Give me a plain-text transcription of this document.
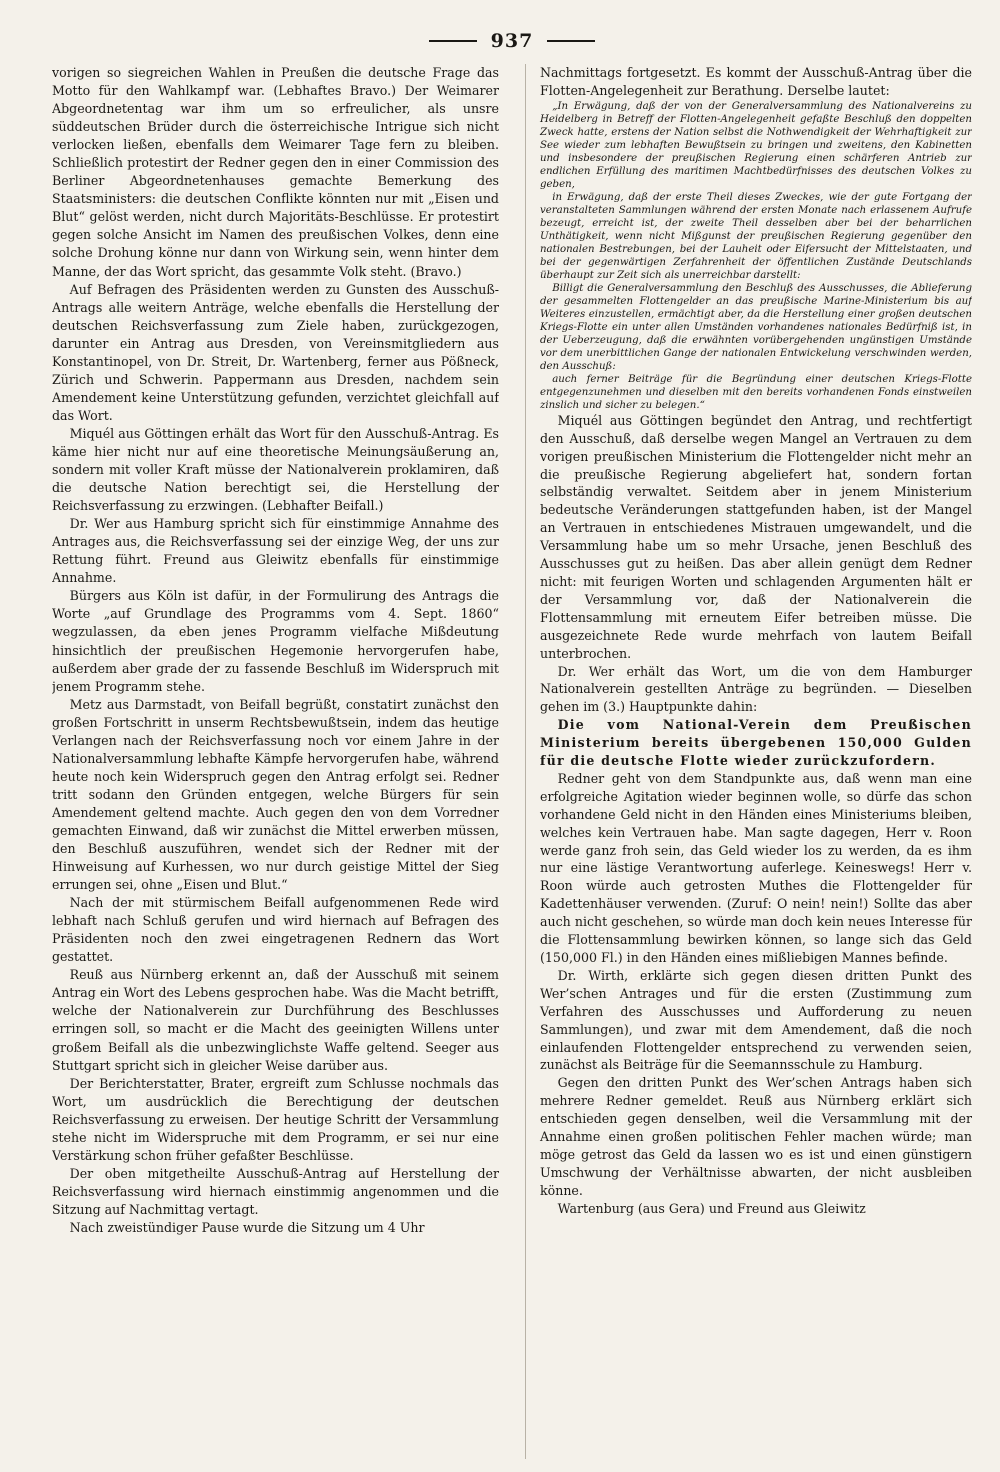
937

vorigen so siegreichen Wahlen in Preußen die deutsche Frage das Motto für den Wahlkampf war. (Lebhaftes Bravo.) Der Weimarer Abgeordnetentag war ihm um so erfreulicher, als unsre süddeutschen Brüder durch die österreichische Intrigue sich nicht verlocken ließen, ebenfalls dem Weimarer Tage fern zu bleiben. Schließlich protestirt der Redner gegen den in einer Commission des Berliner Abgeordnetenhauses gemachte Bemerkung des Staatsministers: die deutschen Conflikte könnten nur mit „Eisen und Blut“ gelöst werden, nicht durch Majoritäts-Beschlüsse. Er protestirt gegen solche Ansicht im Namen des preußischen Volkes, denn eine solche Drohung könne nur dann von Wirkung sein, wenn hinter dem Manne, der das Wort spricht, das gesammte Volk steht. (Bravo.)

Auf Befragen des Präsidenten werden zu Gunsten des Ausschuß-Antrags alle weitern Anträge, welche ebenfalls die Herstellung der deutschen Reichsverfassung zum Ziele haben, zurückgezogen, darunter ein Antrag aus Dresden, von Vereinsmitgliedern aus Konstantinopel, von Dr. Streit, Dr. Wartenberg, ferner aus Pößneck, Zürich und Schwerin. Pappermann aus Dresden, nachdem sein Amendement keine Unterstützung gefunden, verzichtet gleichfall auf das Wort.

Miquél aus Göttingen erhält das Wort für den Ausschuß-Antrag. Es käme hier nicht nur auf eine theoretische Meinungsäußerung an, sondern mit voller Kraft müsse der Nationalverein proklamiren, daß die deutsche Nation berechtigt sei, die Herstellung der Reichsverfassung zu erzwingen. (Lebhafter Beifall.)

Dr. Wer aus Hamburg spricht sich für einstimmige Annahme des Antrages aus, die Reichsverfassung sei der einzige Weg, der uns zur Rettung führt. Freund aus Gleiwitz ebenfalls für einstimmige Annahme.

Bürgers aus Köln ist dafür, in der Formulirung des Antrags die Worte „auf Grundlage des Programms vom 4. Sept. 1860“ wegzulassen, da eben jenes Programm vielfache Mißdeutung hinsichtlich der preußischen Hegemonie hervorgerufen habe, außerdem aber grade der zu fassende Beschluß im Widerspruch mit jenem Programm stehe.

Metz aus Darmstadt, von Beifall begrüßt, constatirt zunächst den großen Fortschritt in unserm Rechtsbewußtsein, indem das heutige Verlangen nach der Reichsverfassung noch vor einem Jahre in der Nationalversammlung lebhafte Kämpfe hervorgerufen habe, während heute noch kein Widerspruch gegen den Antrag erfolgt sei. Redner tritt sodann den Gründen entgegen, welche Bürgers für sein Amendement geltend machte. Auch gegen den von dem Vorredner gemachten Einwand, daß wir zunächst die Mittel erwerben müssen, den Beschluß auszuführen, wendet sich der Redner mit der Hinweisung auf Kurhessen, wo nur durch geistige Mittel der Sieg errungen sei, ohne „Eisen und Blut.“

Nach der mit stürmischem Beifall aufgenommenen Rede wird lebhaft nach Schluß gerufen und wird hiernach auf Befragen des Präsidenten noch den zwei eingetragenen Rednern das Wort gestattet.

Reuß aus Nürnberg erkennt an, daß der Ausschuß mit seinem Antrag ein Wort des Lebens gesprochen habe. Was die Macht betrifft, welche der Nationalverein zur Durchführung des Beschlusses erringen soll, so macht er die Macht des geeinigten Willens unter großem Beifall als die unbezwinglichste Waffe geltend. Seeger aus Stuttgart spricht sich in gleicher Weise darüber aus.

Der Berichterstatter, Brater, ergreift zum Schlusse nochmals das Wort, um ausdrücklich die Berechtigung der deutschen Reichsverfassung zu erweisen. Der heutige Schritt der Versammlung stehe nicht im Widerspruche mit dem Programm, er sei nur eine Verstärkung schon früher gefaßter Beschlüsse.

Der oben mitgetheilte Ausschuß-Antrag auf Herstellung der Reichsverfassung wird hiernach einstimmig angenommen und die Sitzung auf Nachmittag vertagt.

Nach zweistündiger Pause wurde die Sitzung um 4 Uhr

Nachmittags fortgesetzt. Es kommt der Ausschuß-Antrag über die Flotten-Angelegenheit zur Berathung. Derselbe lautet:

„In Erwägung, daß der von der Generalversammlung des Nationalvereins zu Heidelberg in Betreff der Flotten-Angelegenheit gefaßte Beschluß den doppelten Zweck hatte, erstens der Nation selbst die Nothwendigkeit der Wehrhaftigkeit zur See wieder zum lebhaften Bewußtsein zu bringen und zweitens, den Kabinetten und insbesondere der preußischen Regierung einen schärferen Antrieb zur endlichen Erfüllung des maritimen Machtbedürfnisses des deutschen Volkes zu geben,

in Erwägung, daß der erste Theil dieses Zweckes, wie der gute Fortgang der veranstalteten Sammlungen während der ersten Monate nach erlassenem Aufrufe bezeugt, erreicht ist, der zweite Theil desselben aber bei der beharrlichen Unthätigkeit, wenn nicht Mißgunst der preußischen Regierung gegenüber den nationalen Bestrebungen, bei der Lauheit oder Eifersucht der Mittelstaaten, und bei der gegenwärtigen Zerfahrenheit der öffentlichen Zustände Deutschlands überhaupt zur Zeit sich als unerreichbar darstellt:

Billigt die Generalversammlung den Beschluß des Ausschusses, die Ablieferung der gesammelten Flottengelder an das preußische Marine-Ministerium bis auf Weiteres einzustellen, ermächtigt aber, da die Herstellung einer großen deutschen Kriegs-Flotte ein unter allen Umständen vorhandenes nationales Bedürfniß ist, in der Ueberzeugung, daß die erwähnten vorübergehenden ungünstigen Umstände vor dem unerbittlichen Gange der nationalen Entwickelung verschwinden werden, den Ausschuß:

auch ferner Beiträge für die Begründung einer deutschen Kriegs-Flotte entgegenzunehmen und dieselben mit den bereits vorhandenen Fonds einstweilen zinslich und sicher zu belegen.“

Miquél aus Göttingen begündet den Antrag, und rechtfertigt den Ausschuß, daß derselbe wegen Mangel an Vertrauen zu dem vorigen preußischen Ministerium die Flottengelder nicht mehr an die preußische Regierung abgeliefert hat, sondern fortan selbständig verwaltet. Seitdem aber in jenem Ministerium bedeutsche Veränderungen stattgefunden haben, ist der Mangel an Vertrauen in entschiedenes Mistrauen umgewandelt, und die Versammlung habe um so mehr Ursache, jenen Beschluß des Ausschusses gut zu heißen. Das aber allein genügt dem Redner nicht: mit feurigen Worten und schlagenden Argumenten hält er der Versammlung vor, daß der Nationalverein die Flottensammlung mit erneutem Eifer betreiben müsse. Die ausgezeichnete Rede wurde mehrfach von lautem Beifall unterbrochen.

Dr. Wer erhält das Wort, um die von dem Hamburger Nationalverein gestellten Anträge zu begründen. — Dieselben gehen im (3.) Hauptpunkte dahin:

Die vom National-Verein dem Preußischen Ministerium bereits übergebenen 150,000 Gulden für die deutsche Flotte wieder zurückzufordern.

Redner geht von dem Standpunkte aus, daß wenn man eine erfolgreiche Agitation wieder beginnen wolle, so dürfe das schon vorhandene Geld nicht in den Händen eines Ministeriums bleiben, welches kein Vertrauen habe. Man sagte dagegen, Herr v. Roon werde ganz froh sein, das Geld wieder los zu werden, da es ihm nur eine lästige Verantwortung auferlege. Keineswegs! Herr v. Roon würde auch getrosten Muthes die Flottengelder für Kadettenhäuser verwenden. (Zuruf: O nein! nein!) Sollte das aber auch nicht geschehen, so würde man doch kein neues Interesse für die Flottensammlung bewirken können, so lange sich das Geld (150,000 Fl.) in den Händen eines mißliebigen Mannes befinde.

Dr. Wirth, erklärte sich gegen diesen dritten Punkt des Wer’schen Antrages und für die ersten (Zustimmung zum Verfahren des Ausschusses und Aufforderung zu neuen Sammlungen), und zwar mit dem Amendement, daß die noch einlaufenden Flottengelder entsprechend zu verwenden seien, zunächst als Beiträge für die Seemannsschule zu Hamburg.

Gegen den dritten Punkt des Wer’schen Antrags haben sich mehrere Redner gemeldet. Reuß aus Nürnberg erklärt sich entschieden gegen denselben, weil die Versammlung mit der Annahme einen großen politischen Fehler machen würde; man möge getrost das Geld da lassen wo es ist und einen günstigern Umschwung der Verhältnisse abwarten, der nicht ausbleiben könne.

Wartenburg (aus Gera) und Freund aus Gleiwitz
